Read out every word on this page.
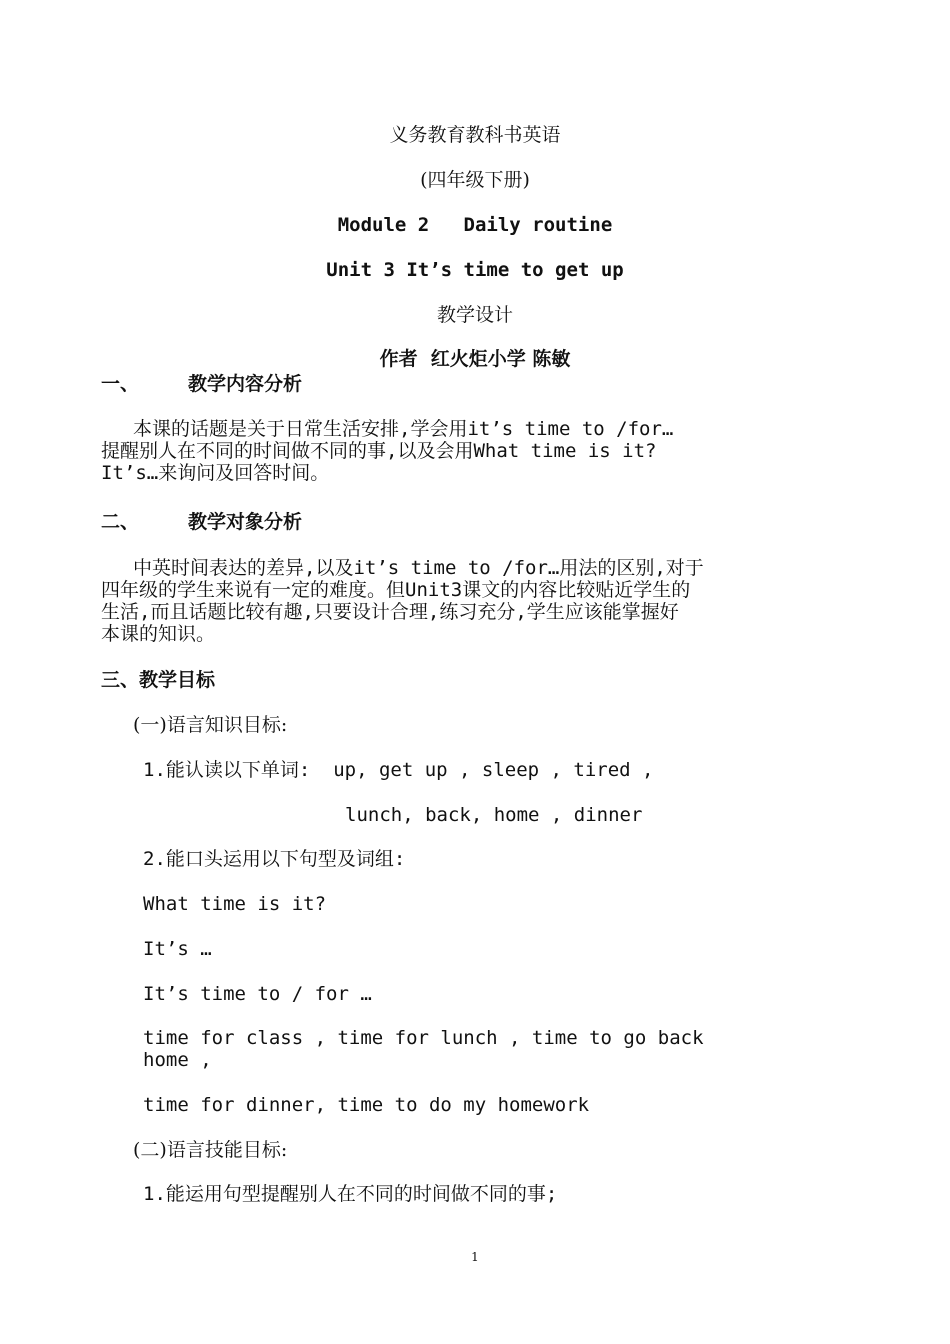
义务教育教科书英语
(四年级下册)
Module 2   Daily routine
Unit 3 It’s time to get up
教学设计
作者  红火炬小学 陈敏
一、	教学内容分析
本课的话题是关于日常生活安排,学会用it’s time to /for…
提醒别人在不同的时间做不同的事,以及会用What time is it?
It’s…来询问及回答时间。
二、	教学对象分析
中英时间表达的差异,以及it’s time to /for…用法的区别,对于
四年级的学生来说有一定的难度。但Unit3课文的内容比较贴近学生的
生活,而且话题比较有趣,只要设计合理,练习充分,学生应该能掌握好
本课的知识。
三、教学目标
(一)语言知识目标:
1.能认读以下单词:  up, get up , sleep , tired ,
lunch, back, home , dinner
2.能口头运用以下句型及词组:
What time is it?
It’s …
It’s time to / for …
time for class , time for lunch , time to go back
home ,
time for dinner, time to do my homework
(二)语言技能目标:
1.能运用句型提醒别人在不同的时间做不同的事;
1
